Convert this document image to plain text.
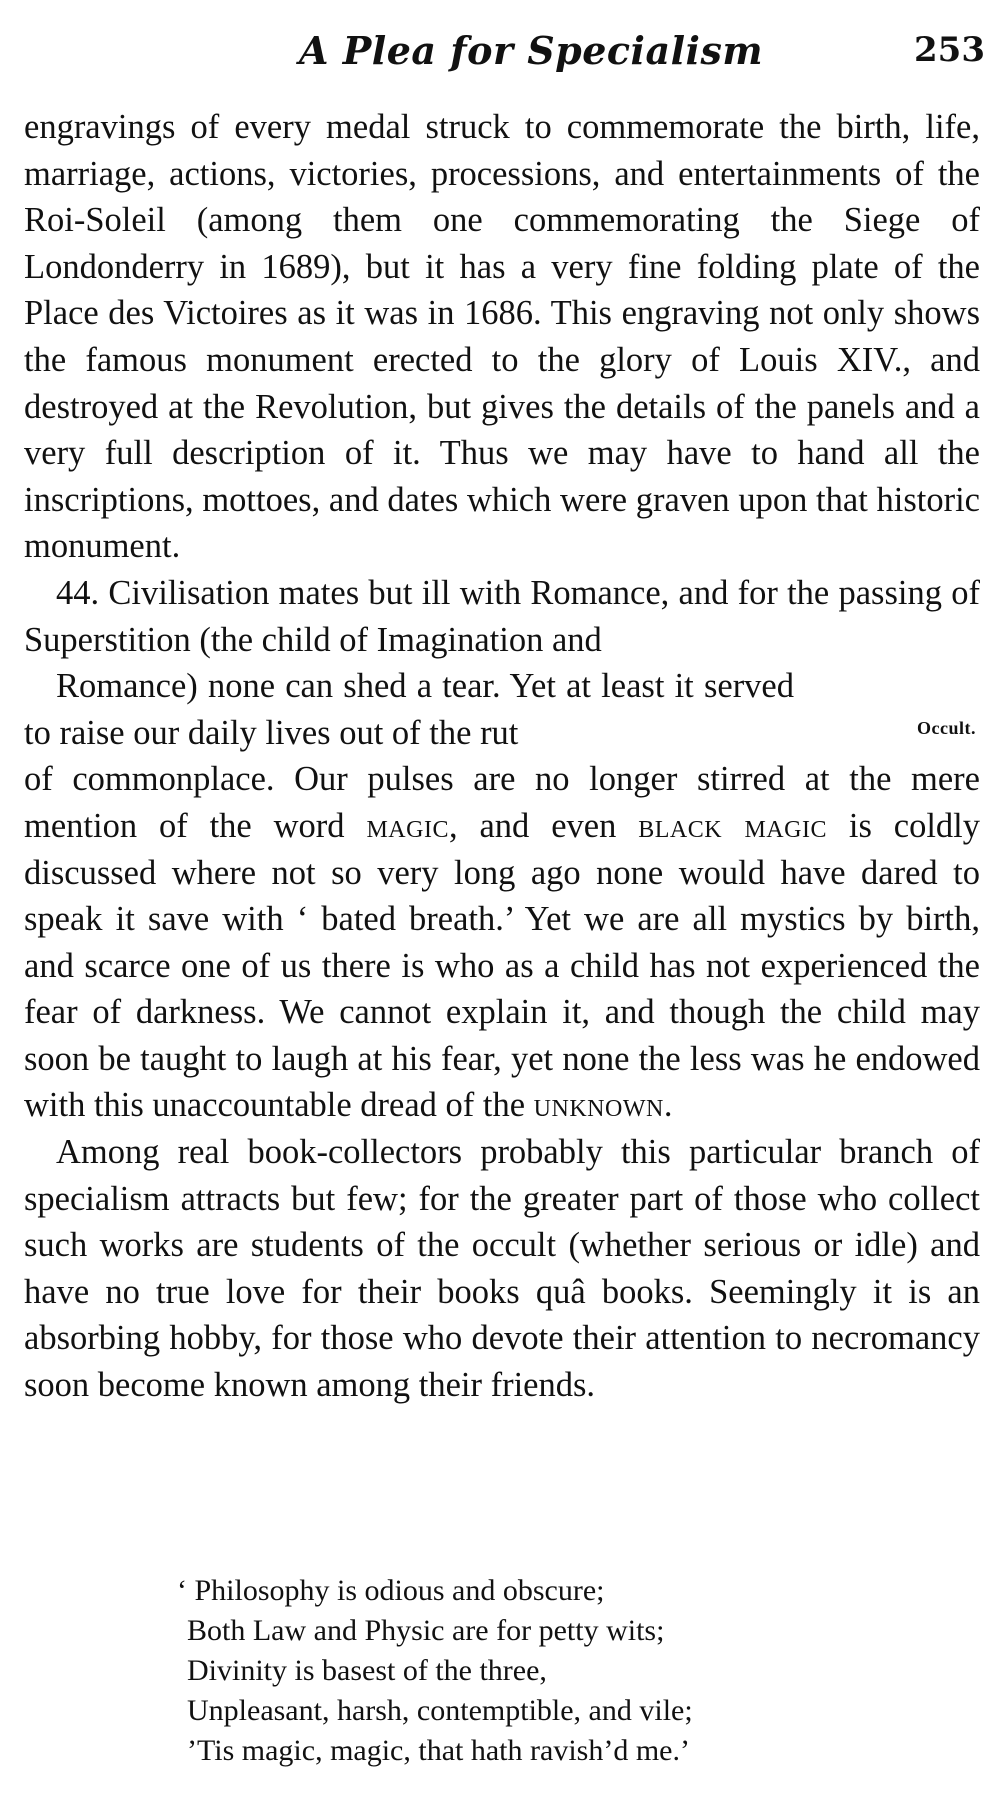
A Plea for Specialism	253

engravings of every medal struck to commemorate the birth, life, marriage, actions, victories, processions, and entertainments of the Roi-Soleil (among them one commemorating the Siege of Londonderry in 1689), but it has a very fine folding plate of the Place des Victoires as it was in 1686. This engraving not only shows the famous monument erected to the glory of Louis XIV., and destroyed at the Revolution, but gives the details of the panels and a very full description of it. Thus we may have to hand all the inscriptions, mottoes, and dates which were graven upon that historic monument.

44. Civilisation mates but ill with Romance, and for the passing of Superstition (the child of Imagination and
Romance) none can shed a tear. Yet at least it served to raise our daily lives out of the rut
of commonplace. Our pulses are no longer stirred at the mere mention of the word magic, and even black magic is coldly discussed where not so very long ago none would have dared to speak it save with ‘ bated breath.’ Yet we are all mystics by birth, and scarce one of us there is who as a child has not experienced the fear of darkness. We cannot explain it, and though the child may soon be taught to laugh at his fear, yet none the less was he endowed with this unaccountable dread of the unknown.

Among real book-collectors probably this particular branch of specialism attracts but few; for the greater part of those who collect such works are students of the occult (whether serious or idle) and have no true love for their books quâ books. Seemingly it is an absorbing hobby, for those who devote their attention to necromancy soon become known among their friends.

Occult.
‘ Philosophy is odious and obscure;
Both Law and Physic are for petty wits;
Divinity is basest of the three,
Unpleasant, harsh, contemptible, and vile;
’Tis magic, magic, that hath ravish’d me.’
